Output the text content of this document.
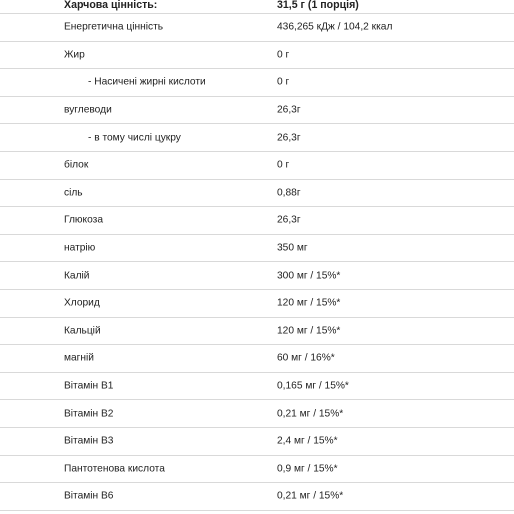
Харчова цінність:	31,5 г (1 порція)
Енергетична цінність	436,265 кДж / 104,2 ккал
Жир	0 г
- Насичені жирні кислоти	0 г
вуглеводи	26,3г
- в тому числі цукру	26,3г
білок	0 г
сіль	0,88г
Глюкоза	26,3г
натрію	350 мг
Калій	300 мг / 15%*
Хлорид	120 мг / 15%*
Кальцій	120 мг / 15%*
магній	60 мг / 16%*
Вітамін B1	0,165 мг / 15%*
Вітамін B2	0,21 мг / 15%*
Вітамін B3	2,4 мг / 15%*
Пантотенова кислота	0,9 мг / 15%*
Вітамін B6	0,21 мг / 15%*
